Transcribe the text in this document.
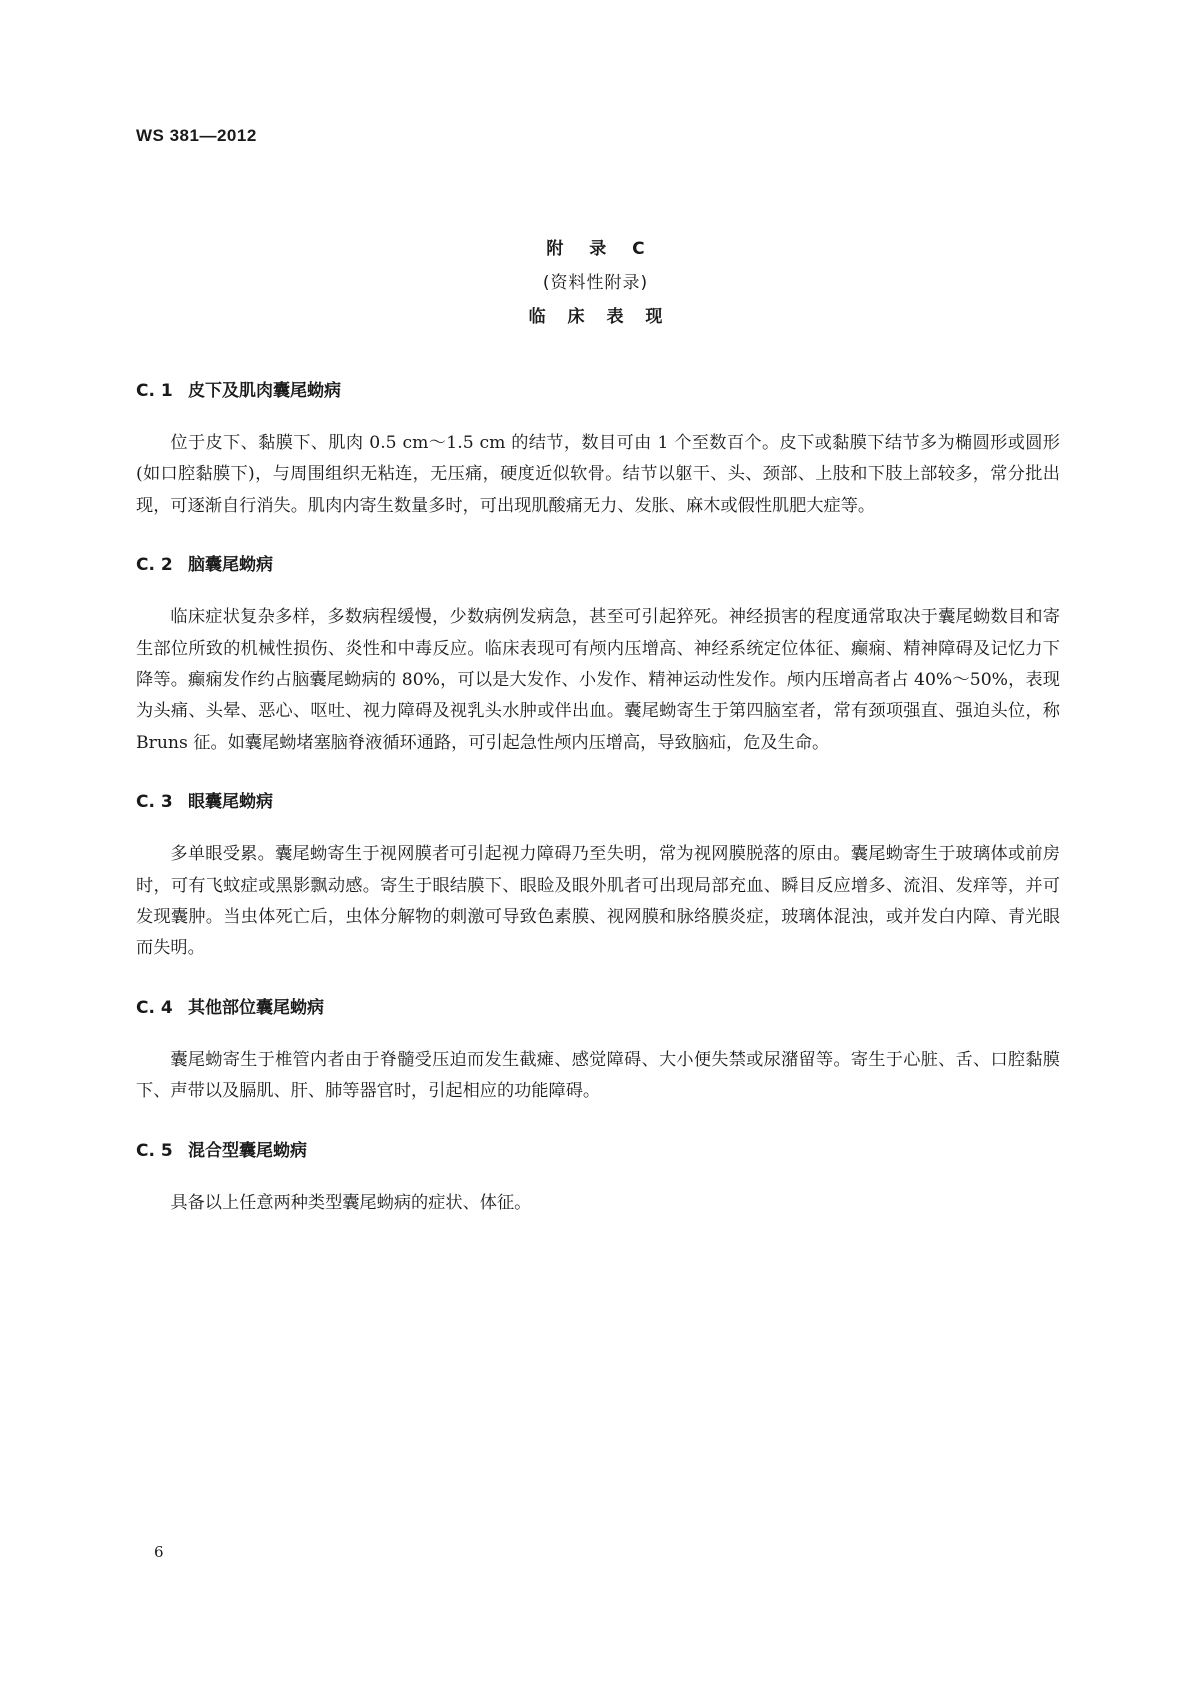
WS 381—2012
附 录 C
(资料性附录)
临 床 表 现
C. 1 皮下及肌肉囊尾蚴病

位于皮下、黏膜下、肌肉 0.5 cm～1.5 cm 的结节，数目可由 1 个至数百个。皮下或黏膜下结节多为椭圆形或圆形(如口腔黏膜下)，与周围组织无粘连，无压痛，硬度近似软骨。结节以躯干、头、颈部、上肢和下肢上部较多，常分批出现，可逐渐自行消失。肌肉内寄生数量多时，可出现肌酸痛无力、发胀、麻木或假性肌肥大症等。

C. 2 脑囊尾蚴病

临床症状复杂多样，多数病程缓慢，少数病例发病急，甚至可引起猝死。神经损害的程度通常取决于囊尾蚴数目和寄生部位所致的机械性损伤、炎性和中毒反应。临床表现可有颅内压增高、神经系统定位体征、癫痫、精神障碍及记忆力下降等。癫痫发作约占脑囊尾蚴病的 80%，可以是大发作、小发作、精神运动性发作。颅内压增高者占 40%～50%，表现为头痛、头晕、恶心、呕吐、视力障碍及视乳头水肿或伴出血。囊尾蚴寄生于第四脑室者，常有颈项强直、强迫头位，称 Bruns 征。如囊尾蚴堵塞脑脊液循环通路，可引起急性颅内压增高，导致脑疝，危及生命。

C. 3 眼囊尾蚴病

多单眼受累。囊尾蚴寄生于视网膜者可引起视力障碍乃至失明，常为视网膜脱落的原由。囊尾蚴寄生于玻璃体或前房时，可有飞蚊症或黑影飘动感。寄生于眼结膜下、眼睑及眼外肌者可出现局部充血、瞬目反应增多、流泪、发痒等，并可发现囊肿。当虫体死亡后，虫体分解物的刺激可导致色素膜、视网膜和脉络膜炎症，玻璃体混浊，或并发白内障、青光眼而失明。

C. 4 其他部位囊尾蚴病

囊尾蚴寄生于椎管内者由于脊髓受压迫而发生截瘫、感觉障碍、大小便失禁或尿潴留等。寄生于心脏、舌、口腔黏膜下、声带以及膈肌、肝、肺等器官时，引起相应的功能障碍。

C. 5 混合型囊尾蚴病

具备以上任意两种类型囊尾蚴病的症状、体征。

6
